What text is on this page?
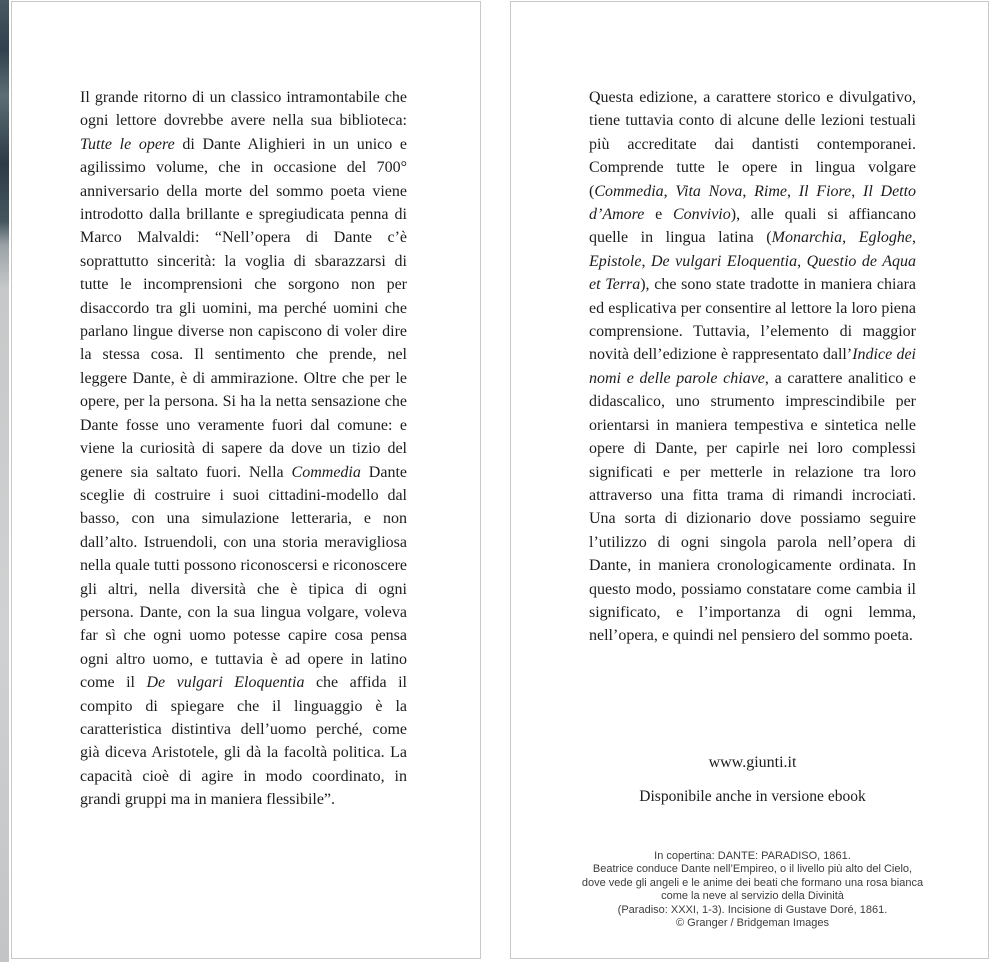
Il grande ritorno di un classico intramontabile che ogni lettore dovrebbe avere nella sua biblioteca: Tutte le opere di Dante Alighieri in un unico e agilissimo volume, che in occasione del 700° anniversario della morte del sommo poeta viene introdotto dalla brillante e spregiudicata penna di Marco Malvaldi: “Nell’opera di Dante c’è soprattutto sincerità: la voglia di sbarazzarsi di tutte le incomprensioni che sorgono non per disaccordo tra gli uomini, ma perché uomini che parlano lingue diverse non capiscono di voler dire la stessa cosa. Il sentimento che prende, nel leggere Dante, è di ammirazione. Oltre che per le opere, per la persona. Si ha la netta sensazione che Dante fosse uno veramente fuori dal comune: e viene la curiosità di sapere da dove un tizio del genere sia saltato fuori. Nella Commedia Dante sceglie di costruire i suoi cittadini-modello dal basso, con una simulazione letteraria, e non dall’alto. Istruendoli, con una storia meravigliosa nella quale tutti possono riconoscersi e riconoscere gli altri, nella diversità che è tipica di ogni persona. Dante, con la sua lingua volgare, voleva far sì che ogni uomo potesse capire cosa pensa ogni altro uomo, e tuttavia è ad opere in latino come il De vulgari Eloquentia che affida il compito di spiegare che il linguaggio è la caratteristica distintiva dell’uomo perché, come già diceva Aristotele, gli dà la facoltà politica. La capacità cioè di agire in modo coordinato, in grandi gruppi ma in maniera flessibile”.
Questa edizione, a carattere storico e divulgativo, tiene tuttavia conto di alcune delle lezioni testuali più accreditate dai dantisti contemporanei. Comprende tutte le opere in lingua volgare (Commedia, Vita Nova, Rime, Il Fiore, Il Detto d’Amore e Convivio), alle quali si affiancano quelle in lingua latina (Monarchia, Egloghe, Epistole, De vulgari Eloquentia, Questio de Aqua et Terra), che sono state tradotte in maniera chiara ed esplicativa per consentire al lettore la loro piena comprensione. Tuttavia, l’elemento di maggior novità dell’edizione è rappresentato dall’Indice dei nomi e delle parole chiave, a carattere analitico e didascalico, uno strumento imprescindibile per orientarsi in maniera tempestiva e sintetica nelle opere di Dante, per capirle nei loro complessi significati e per metterle in relazione tra loro attraverso una fitta trama di rimandi incrociati. Una sorta di dizionario dove possiamo seguire l’utilizzo di ogni singola parola nell’opera di Dante, in maniera cronologicamente ordinata. In questo modo, possiamo constatare come cambia il significato, e l’importanza di ogni lemma, nell’opera, e quindi nel pensiero del sommo poeta.
www.giunti.it
Disponibile anche in versione ebook
In copertina: DANTE: PARADISO, 1861.
Beatrice conduce Dante nell’Empireo, o il livello più alto del Cielo,
dove vede gli angeli e le anime dei beati che formano una rosa bianca
come la neve al servizio della Divinità
(Paradiso: XXXI, 1-3). Incisione di Gustave Doré, 1861.
© Granger / Bridgeman Images
